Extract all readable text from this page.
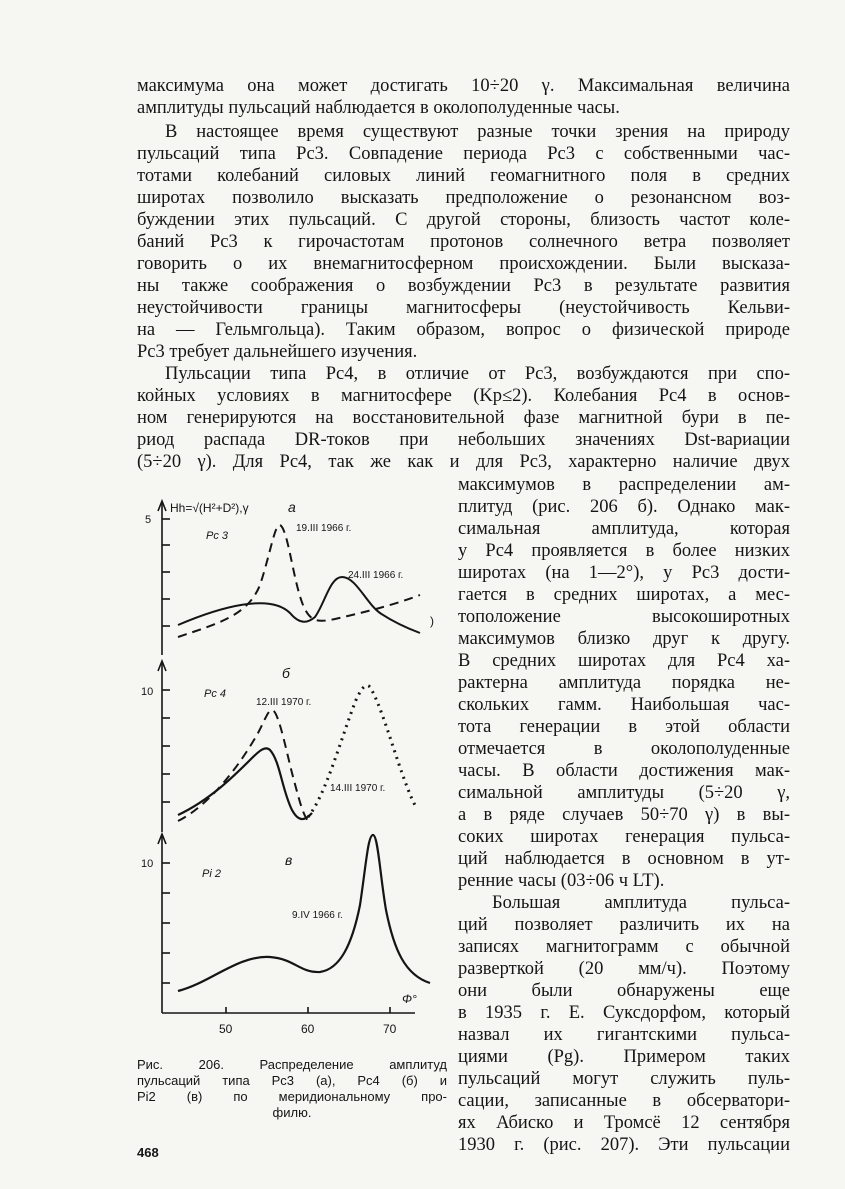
максимума она может достигать 10÷20 γ. Максимальная величина
амплитуды пульсаций наблюдается в околополуденные часы.
В настоящее время существуют разные точки зрения на природу
пульсаций типа Pc3. Совпадение периода Pc3 с собственными час-
тотами колебаний силовых линий геомагнитного поля в средних
широтах позволило высказать предположение о резонансном воз-
буждении этих пульсаций. С другой стороны, близость частот коле-
баний Pc3 к гирочастотам протонов солнечного ветра позволяет
говорить о их внемагнитосферном происхождении. Были высказа-
ны также соображения о возбуждении Pc3 в результате развития
неустойчивости границы магнитосферы (неустойчивость Кельви-
на — Гельмгольца). Таким образом, вопрос о физической природе
Pc3 требует дальнейшего изучения.
Пульсации типа Pc4, в отличие от Pc3, возбуждаются при спо-
койных условиях в магнитосфере (Kp≤2). Колебания Pc4 в основ-
ном генерируются на восстановительной фазе магнитной бури в пе-
риод распада DR-токов при небольших значениях Dst-вариации
(5÷20 γ). Для Pc4, так же как и для Pc3, характерно наличие двух
максимумов в распределении ам-
плитуд (рис. 206 б). Однако мак-
симальная амплитуда, которая
у Pc4 проявляется в более низких
широтах (на 1—2°), у Pc3 дости-
гается в средних широтах, а мес-
тоположение высокоширотных
максимумов близко друг к другу.
В средних широтах для Pc4 ха-
рактерна амплитуда порядка не-
скольких гамм. Наибольшая час-
тота генерации в этой области
отмечается в околополуденные
часы. В области достижения мак-
симальной амплитуды (5÷20 γ,
а в ряде случаев 50÷70 γ) в вы-
соких широтах генерация пульса-
ций наблюдается в основном в ут-
ренние часы (03÷06 ч LT).
Большая амплитуда пульса-
ций позволяет различить их на
записях магнитограмм с обычной
разверткой (20 мм/ч). Поэтому
они были обнаружены еще
в 1935 г. Е. Суксдорфом, который
назвал их гигантскими пульса-
циями (Pg). Примером таких
пульсаций могут служить пуль-
сации, записанные в обсерватори-
ях Абиско и Тромсё 12 сентября
1930 г. (рис. 207). Эти пульсации
Hh=√(H²+D²),γ	a
5
Pc 3
19.III 1966 г.
24.III 1966 г.
)
б
10	Pc 4
12.III 1970 г.
14.III 1970 г.
в
10
Pi 2
9.IV 1966 г.
Φ°
50	60	70
Рис. 206. Распределение амплитуд
пульсаций типа Pc3 (а), Pc4 (б) и
Pi2 (в) по меридиональному про-
филю.
468
